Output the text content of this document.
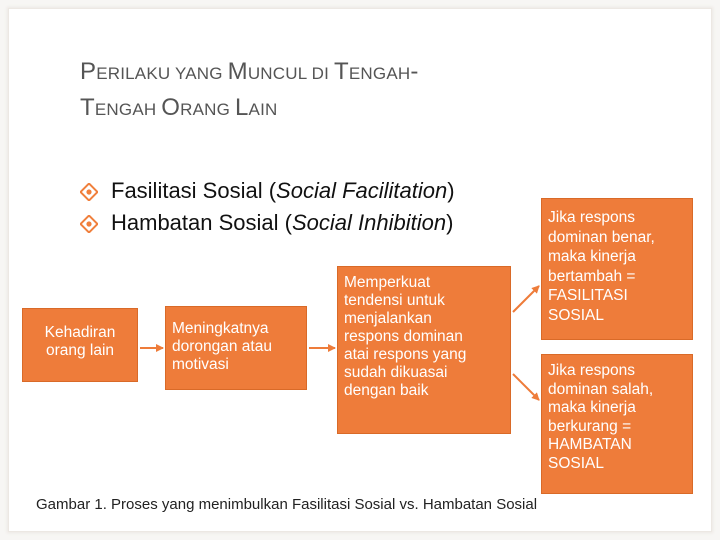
PERILAKU YANG MUNCUL DI TENGAH-
TENGAH ORANG LAIN
Fasilitasi Sosial (Social Facilitation)
Hambatan Sosial (Social Inhibition)
Kehadiran
orang lain
Meningkatnya
dorongan atau
motivasi
Memperkuat
tendensi untuk
menjalankan
respons dominan
atai respons yang
sudah dikuasai
dengan baik
Jika respons
dominan benar,
maka kinerja
bertambah =
FASILITASI
SOSIAL
Jika respons
dominan salah,
maka kinerja
berkurang =
HAMBATAN
SOSIAL
Gambar 1. Proses yang menimbulkan Fasilitasi Sosial vs. Hambatan Sosial
